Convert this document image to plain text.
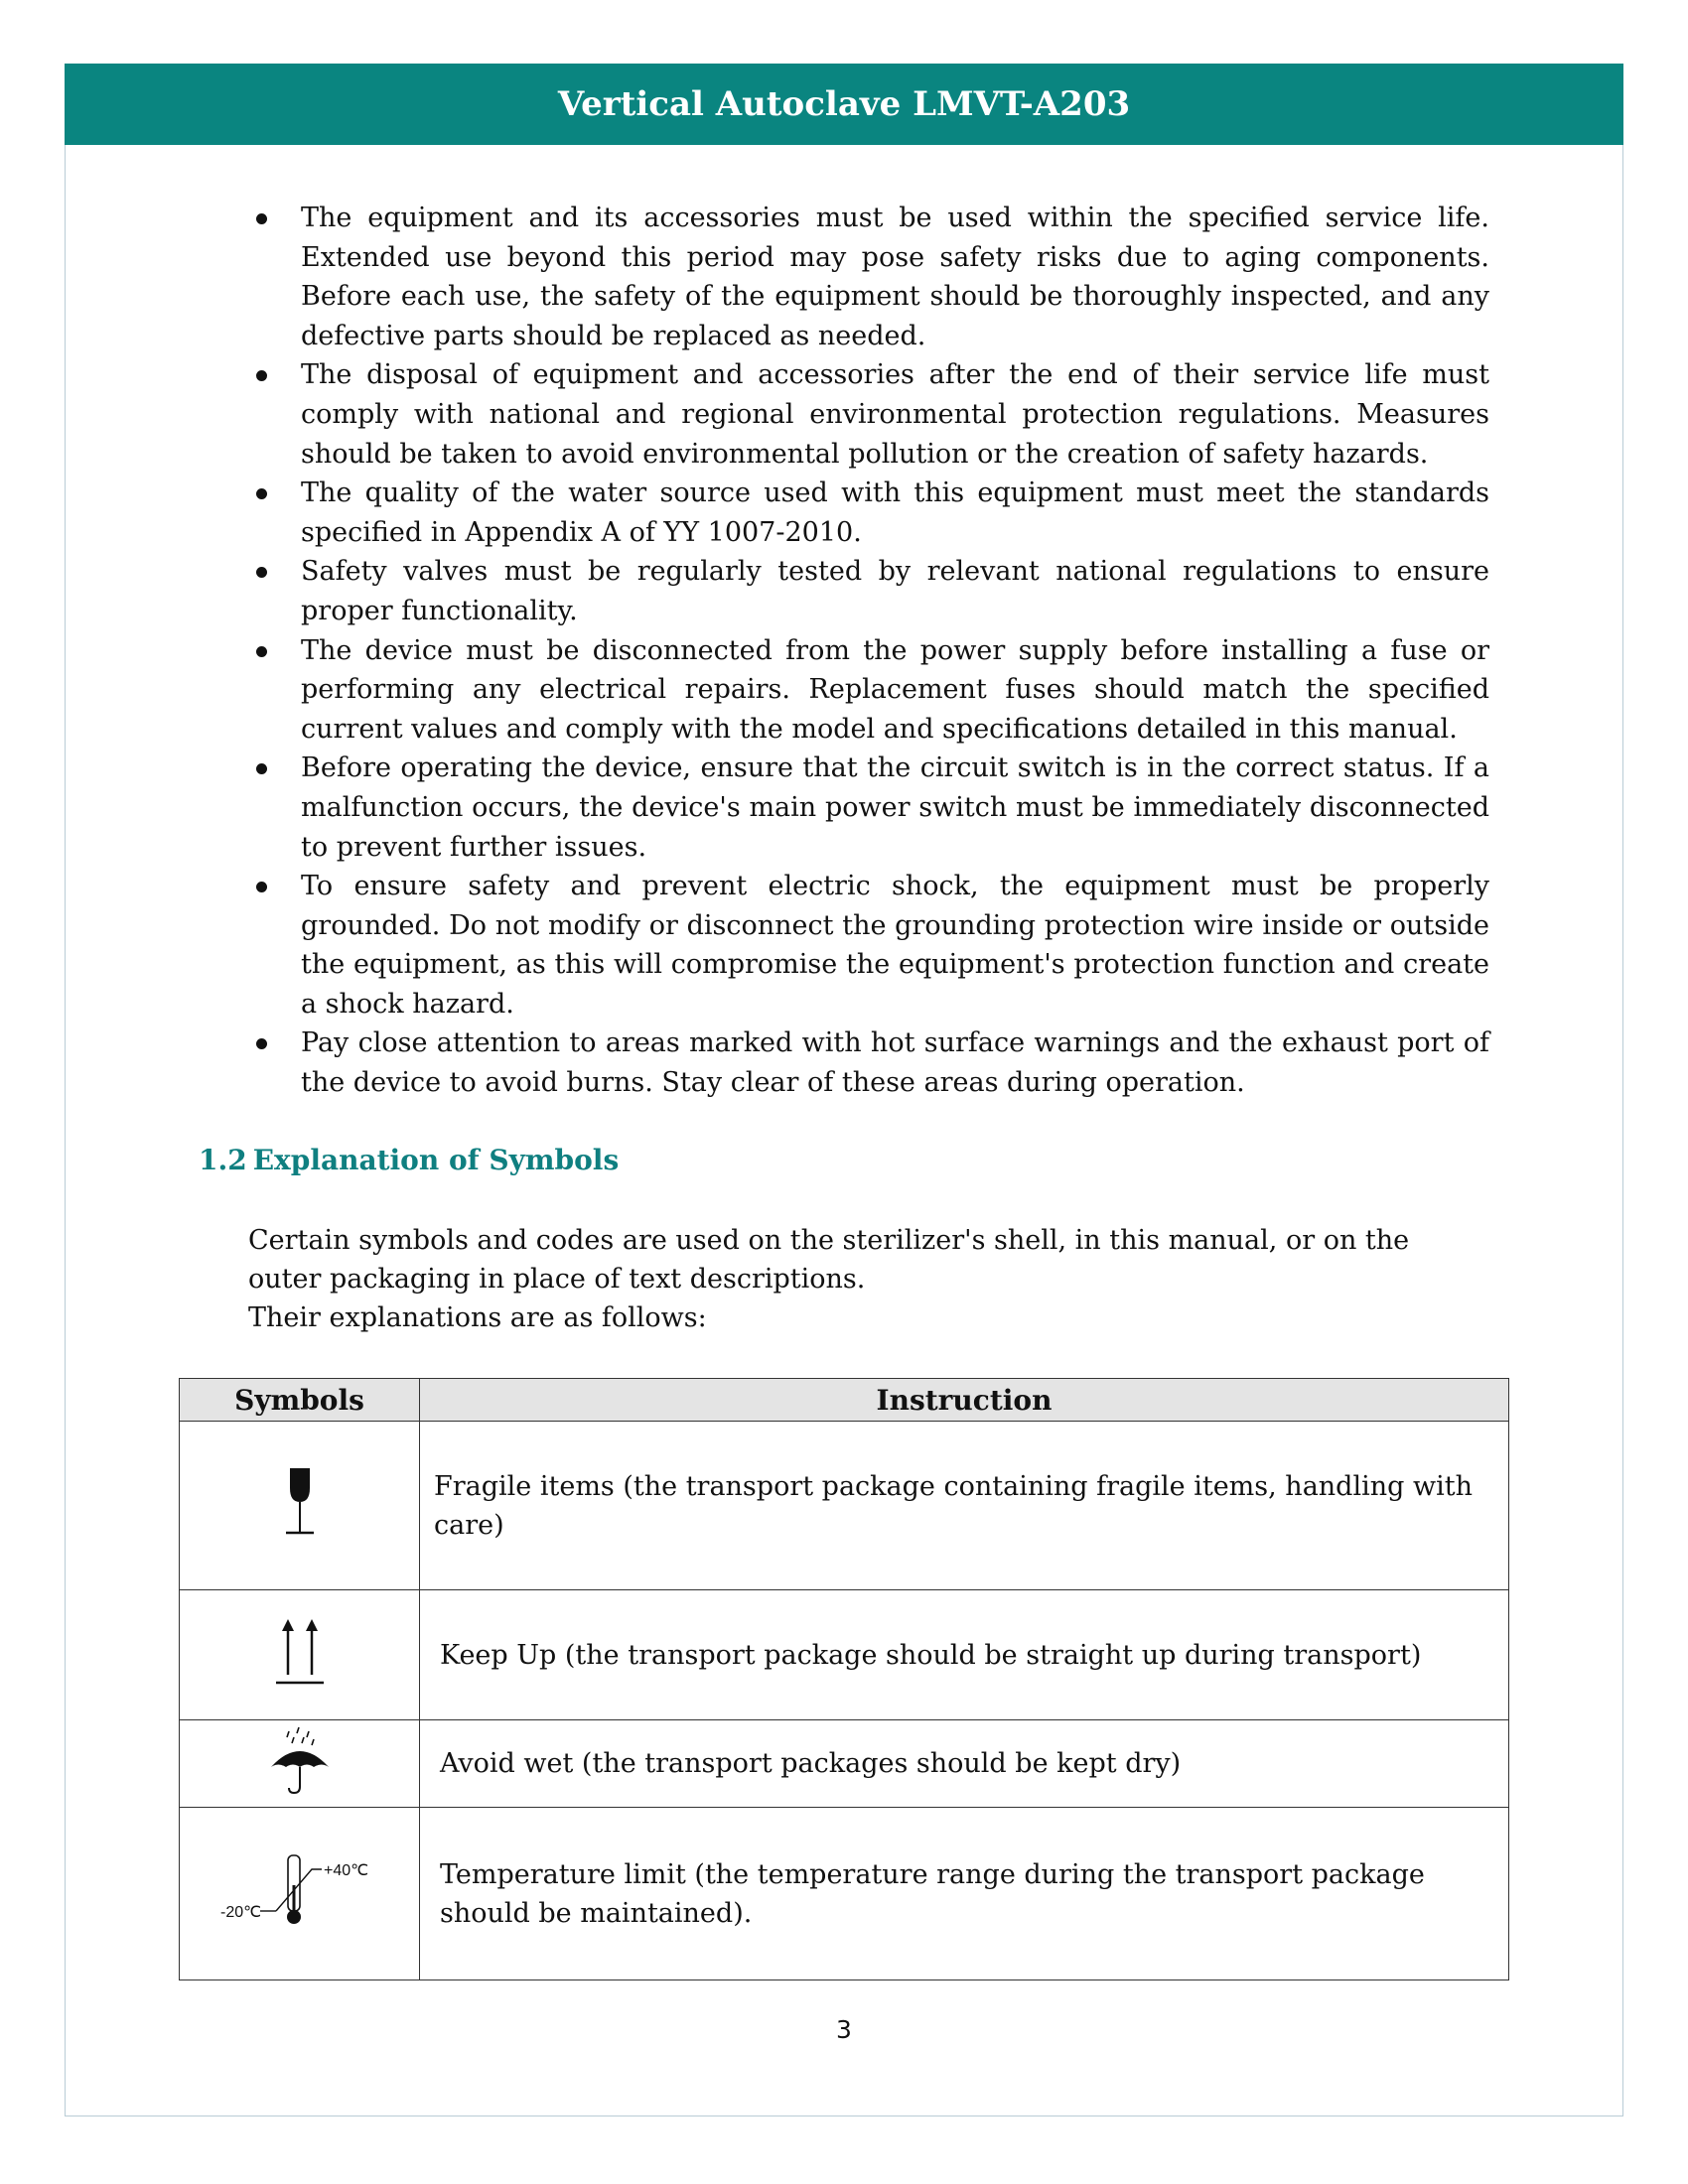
Vertical Autoclave LMVT-A203
The equipment and its accessories must be used within the specified service life. Extended use beyond this period may pose safety risks due to aging components. Before each use, the safety of the equipment should be thoroughly inspected, and any defective parts should be replaced as needed.
The disposal of equipment and accessories after the end of their service life must comply with national and regional environmental protection regulations. Measures should be taken to avoid environmental pollution or the creation of safety hazards.
The quality of the water source used with this equipment must meet the standards specified in Appendix A of YY 1007-2010.
Safety valves must be regularly tested by relevant national regulations to ensure proper functionality.
The device must be disconnected from the power supply before installing a fuse or performing any electrical repairs. Replacement fuses should match the specified current values and comply with the model and specifications detailed in this manual.
Before operating the device, ensure that the circuit switch is in the correct status. If a malfunction occurs, the device's main power switch must be immediately disconnected to prevent further issues.
To ensure safety and prevent electric shock, the equipment must be properly grounded. Do not modify or disconnect the grounding protection wire inside or outside the equipment, as this will compromise the equipment's protection function and create a shock hazard.
Pay close attention to areas marked with hot surface warnings and the exhaust port of the device to avoid burns. Stay clear of these areas during operation.
1.2 Explanation of Symbols

Certain symbols and codes are used on the sterilizer's shell, in this manual, or on the outer packaging in place of text descriptions.

Their explanations are as follows:

Symbols	Instruction
	Fragile items (the transport package containing fragile items, handling with care)
	Keep Up (the transport package should be straight up during transport)
	Avoid wet (the transport packages should be kept dry)

+40℃
-20℃	Temperature limit (the temperature range during the transport package should be maintained).
3
